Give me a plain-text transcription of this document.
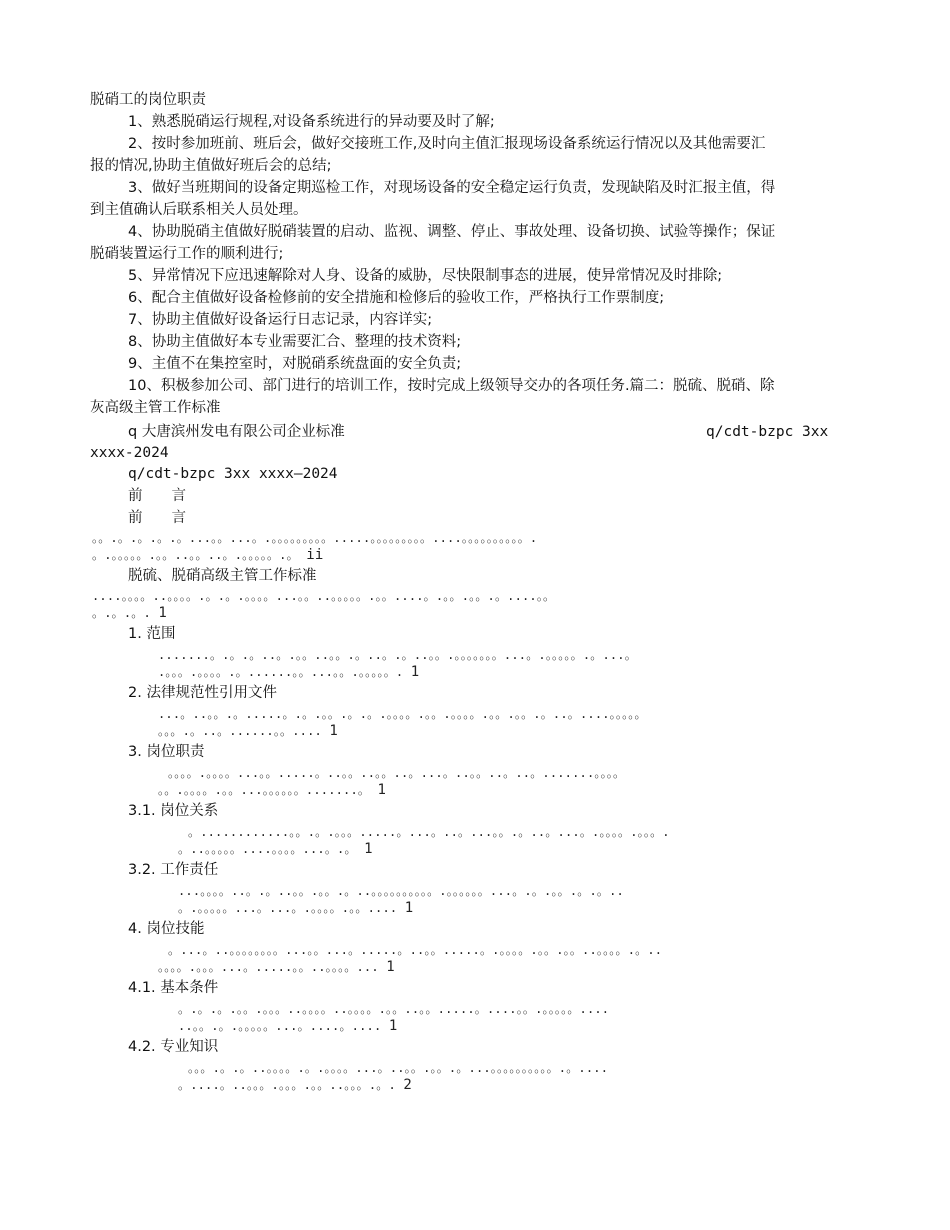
脱硝工的岗位职责
1、熟悉脱硝运行规程,对设备系统进行的异动要及时了解;
2、按时参加班前、班后会，做好交接班工作,及时向主值汇报现场设备系统运行情况以及其他需要汇
报的情况,协助主值做好班后会的总结;
3、做好当班期间的设备定期巡检工作，对现场设备的安全稳定运行负责，发现缺陷及时汇报主值，得
到主值确认后联系相关人员处理。
4、协助脱硝主值做好脱硝装置的启动、监视、调整、停止、事故处理、设备切换、试验等操作；保证
脱硝装置运行工作的顺利进行;
5、异常情况下应迅速解除对人身、设备的威胁，尽快限制事态的进展，使异常情况及时排除;
6、配合主值做好设备检修前的安全措施和检修后的验收工作，严格执行工作票制度;
7、协助主值做好设备运行日志记录，内容详实;
8、协助主值做好本专业需要汇合、整理的技术资料;
9、主值不在集控室时，对脱硝系统盘面的安全负责;
10、积极参加公司、部门进行的培训工作，按时完成上级领导交办的各项任务.篇二：脱硫、脱硝、除
灰高级主管工作标准
q 大唐滨州发电有限公司企业标准	q/cdt-bzpc 3xx
xxxx-2024
q/cdt-bzpc 3xx xxxx—2024
前　　言
前　　言
。。.。.。.。.。...。。...。.。。。。。。。。。.....。。。。。。。。。....。。。。。。。。。。.
。.。。。。。.。。..。。..。.。。。。。.。 ii
脱硫、脱硝高级主管工作标准
....。。。。..。。。。.。.。.。。。。...。。..。。。。。.。。....。.。。.。。.。....。。
。.。.。. 1
1. 范围
.......。.。.。..。.。。..。。.。..。.。..。。.。。。。。。。...。.。。。。。.。...。
.。。。.。。。。.。......。。...。。.。。。。。. 1
2. 法律规范性引用文件
...。..。。.。.....。.。.。。.。.。.。。。。.。。.。。。。.。。.。。.。..。....。。。。。
。。。.。..。......。。.... 1
3. 岗位职责
。。。。.。。。。...。。.....。..。。..。。..。...。..。。..。..。.......。。。。
。。.。。。。.。。...。。。。。。.......。 1
3.1. 岗位关系
。............。。.。.。。。.....。...。..。...。。.。..。...。.。。。。.。。。.
。..。。。。。....。。。。...。.。 1
3.2. 工作责任
...。。。。..。.。..。。.。。.。..。。。。。。。。。。.。。。。。。...。.。.。。.。.。..
。.。。。。。...。...。.。。。。.。。.... 1
4. 岗位技能
。...。..。。。。。。。。...。。...。.....。..。。.....。.。。。。.。。.。。..。。。。.。..
。。。。.。。。...。.....。。..。。。。... 1
4.1. 基本条件
。.。.。.。。.。。。..。。。。..。。。。.。。..。。.....。....。。.。。。。。....
..。。.。.。。。。。...。....。.... 1
4.2. 专业知识
。。。.。.。..。。。。.。.。。。。...。..。。.。。.。...。。。。。。。。。。.。....
。....。..。。。.。。。.。。..。。。.。. 2
